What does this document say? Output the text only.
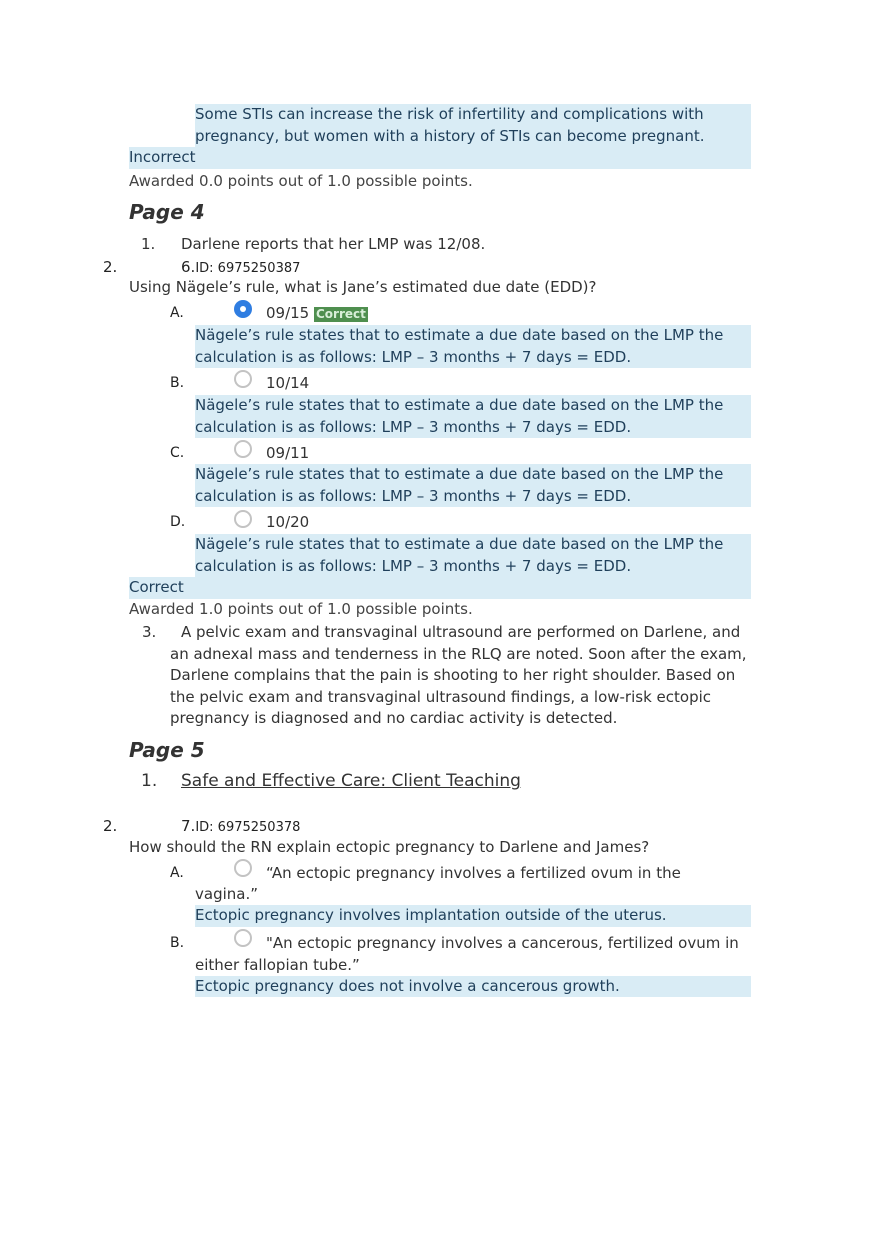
Some STIs can increase the risk of infertility and complications with
pregnancy, but women with a history of STIs can become pregnant.
Incorrect
Awarded 0.0 points out of 1.0 possible points.
Page 4
1. Darlene reports that her LMP was 12/08.
2.	6.ID: 6975250387
Using Nägele’s rule, what is Jane’s estimated due date (EDD)?
A.	09/15 Correct
Nägele’s rule states that to estimate a due date based on the LMP the
calculation is as follows: LMP – 3 months + 7 days = EDD.
B.	10/14
Nägele’s rule states that to estimate a due date based on the LMP the
calculation is as follows: LMP – 3 months + 7 days = EDD.
C.	09/11
Nägele’s rule states that to estimate a due date based on the LMP the
calculation is as follows: LMP – 3 months + 7 days = EDD.
D.	10/20
Nägele’s rule states that to estimate a due date based on the LMP the
calculation is as follows: LMP – 3 months + 7 days = EDD.
Correct
Awarded 1.0 points out of 1.0 possible points.
3. A pelvic exam and transvaginal ultrasound are performed on Darlene, and
an adnexal mass and tenderness in the RLQ are noted. Soon after the exam,
Darlene complains that the pain is shooting to her right shoulder. Based on
the pelvic exam and transvaginal ultrasound findings, a low-risk ectopic
pregnancy is diagnosed and no cardiac activity is detected.
Page 5
1. Safe and Effective Care: Client Teaching
2.	7.ID: 6975250378
How should the RN explain ectopic pregnancy to Darlene and James?
A.	“An ectopic pregnancy involves a fertilized ovum in the
vagina.”
Ectopic pregnancy involves implantation outside of the uterus.
B.	"An ectopic pregnancy involves a cancerous, fertilized ovum in
either fallopian tube.”
Ectopic pregnancy does not involve a cancerous growth.
